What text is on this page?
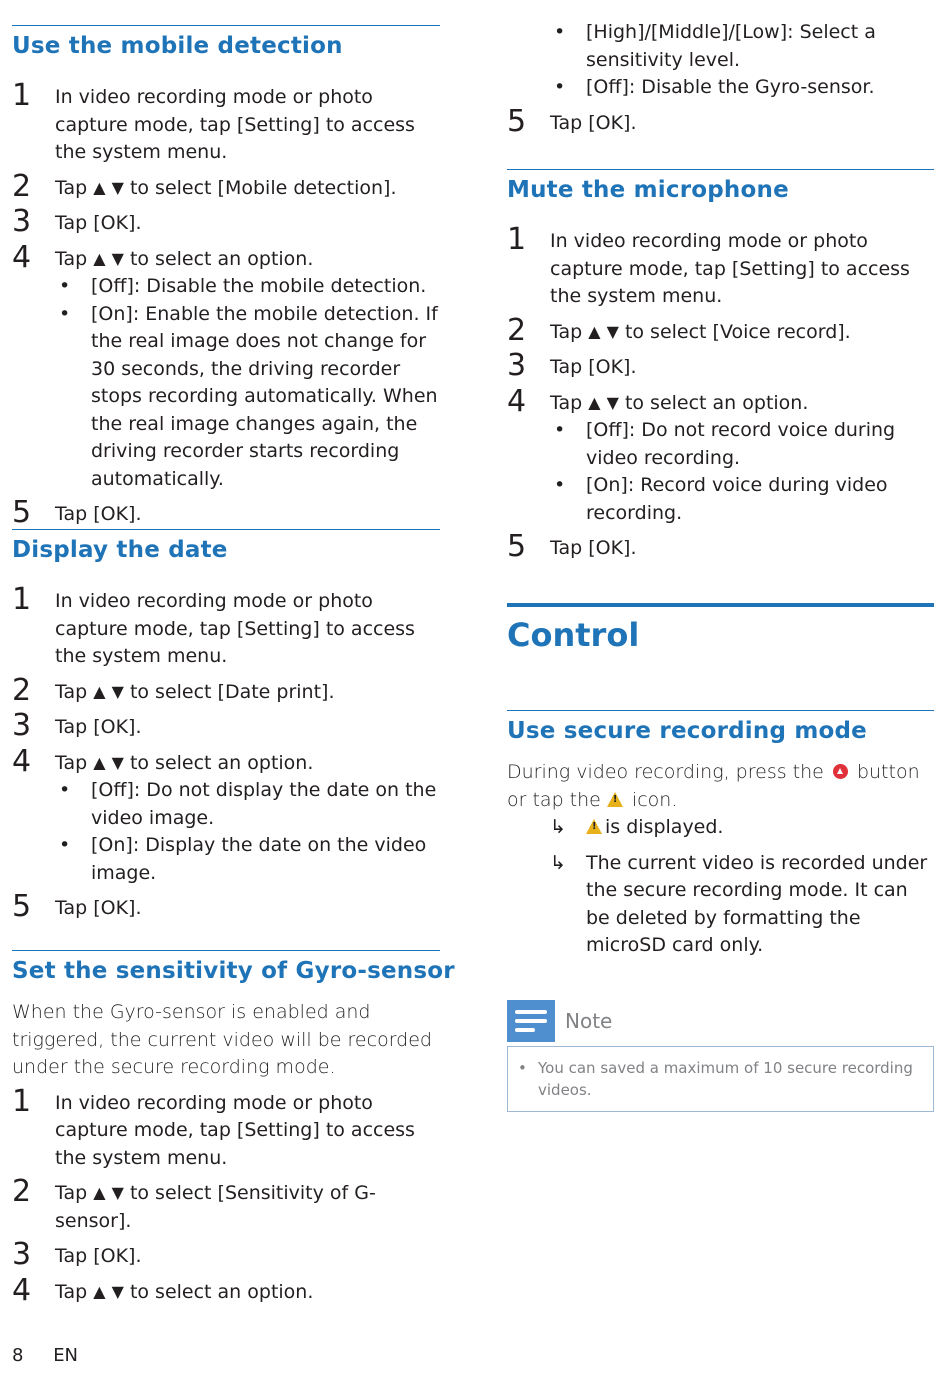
Use the mobile detection
1 In video recording mode or photo capture mode, tap [Setting] to access the system menu.
2 Tap ▲ ▼ to select [Mobile detection].
3 Tap [OK].
4 Tap ▲ ▼ to select an option.
• [Off]: Disable the mobile detection.
• [On]: Enable the mobile detection. If the real image does not change for 30 seconds, the driving recorder stops recording automatically. When the real image changes again, the driving recorder starts recording automatically.
5 Tap [OK].
Display the date
1 In video recording mode or photo capture mode, tap [Setting] to access the system menu.
2 Tap ▲ ▼ to select [Date print].
3 Tap [OK].
4 Tap ▲ ▼ to select an option.
• [Off]: Do not display the date on the video image.
• [On]: Display the date on the video image.
5 Tap [OK].
Set the sensitivity of Gyro-sensor
When the Gyro-sensor is enabled and triggered, the current video will be recorded under the secure recording mode.
1 In video recording mode or photo capture mode, tap [Setting] to access the system menu.
2 Tap ▲ ▼ to select [Sensitivity of G-sensor].
3 Tap [OK].
4 Tap ▲ ▼ to select an option.
• [High]/[Middle]/[Low]: Select a sensitivity level.
• [Off]: Disable the Gyro-sensor.
5 Tap [OK].
Mute the microphone
1 In video recording mode or photo capture mode, tap [Setting] to access the system menu.
2 Tap ▲ ▼ to select [Voice record].
3 Tap [OK].
4 Tap ▲ ▼ to select an option.
• [Off]: Do not record voice during video recording.
• [On]: Record voice during video recording.
5 Tap [OK].
Control
Use secure recording mode
During video recording, press the button or tap the ! icon.
↳ ! is displayed.
↳ The current video is recorded under the secure recording mode. It can be deleted by formatting the microSD card only.
Note
• You can saved a maximum of 10 secure recording videos.
8 EN
